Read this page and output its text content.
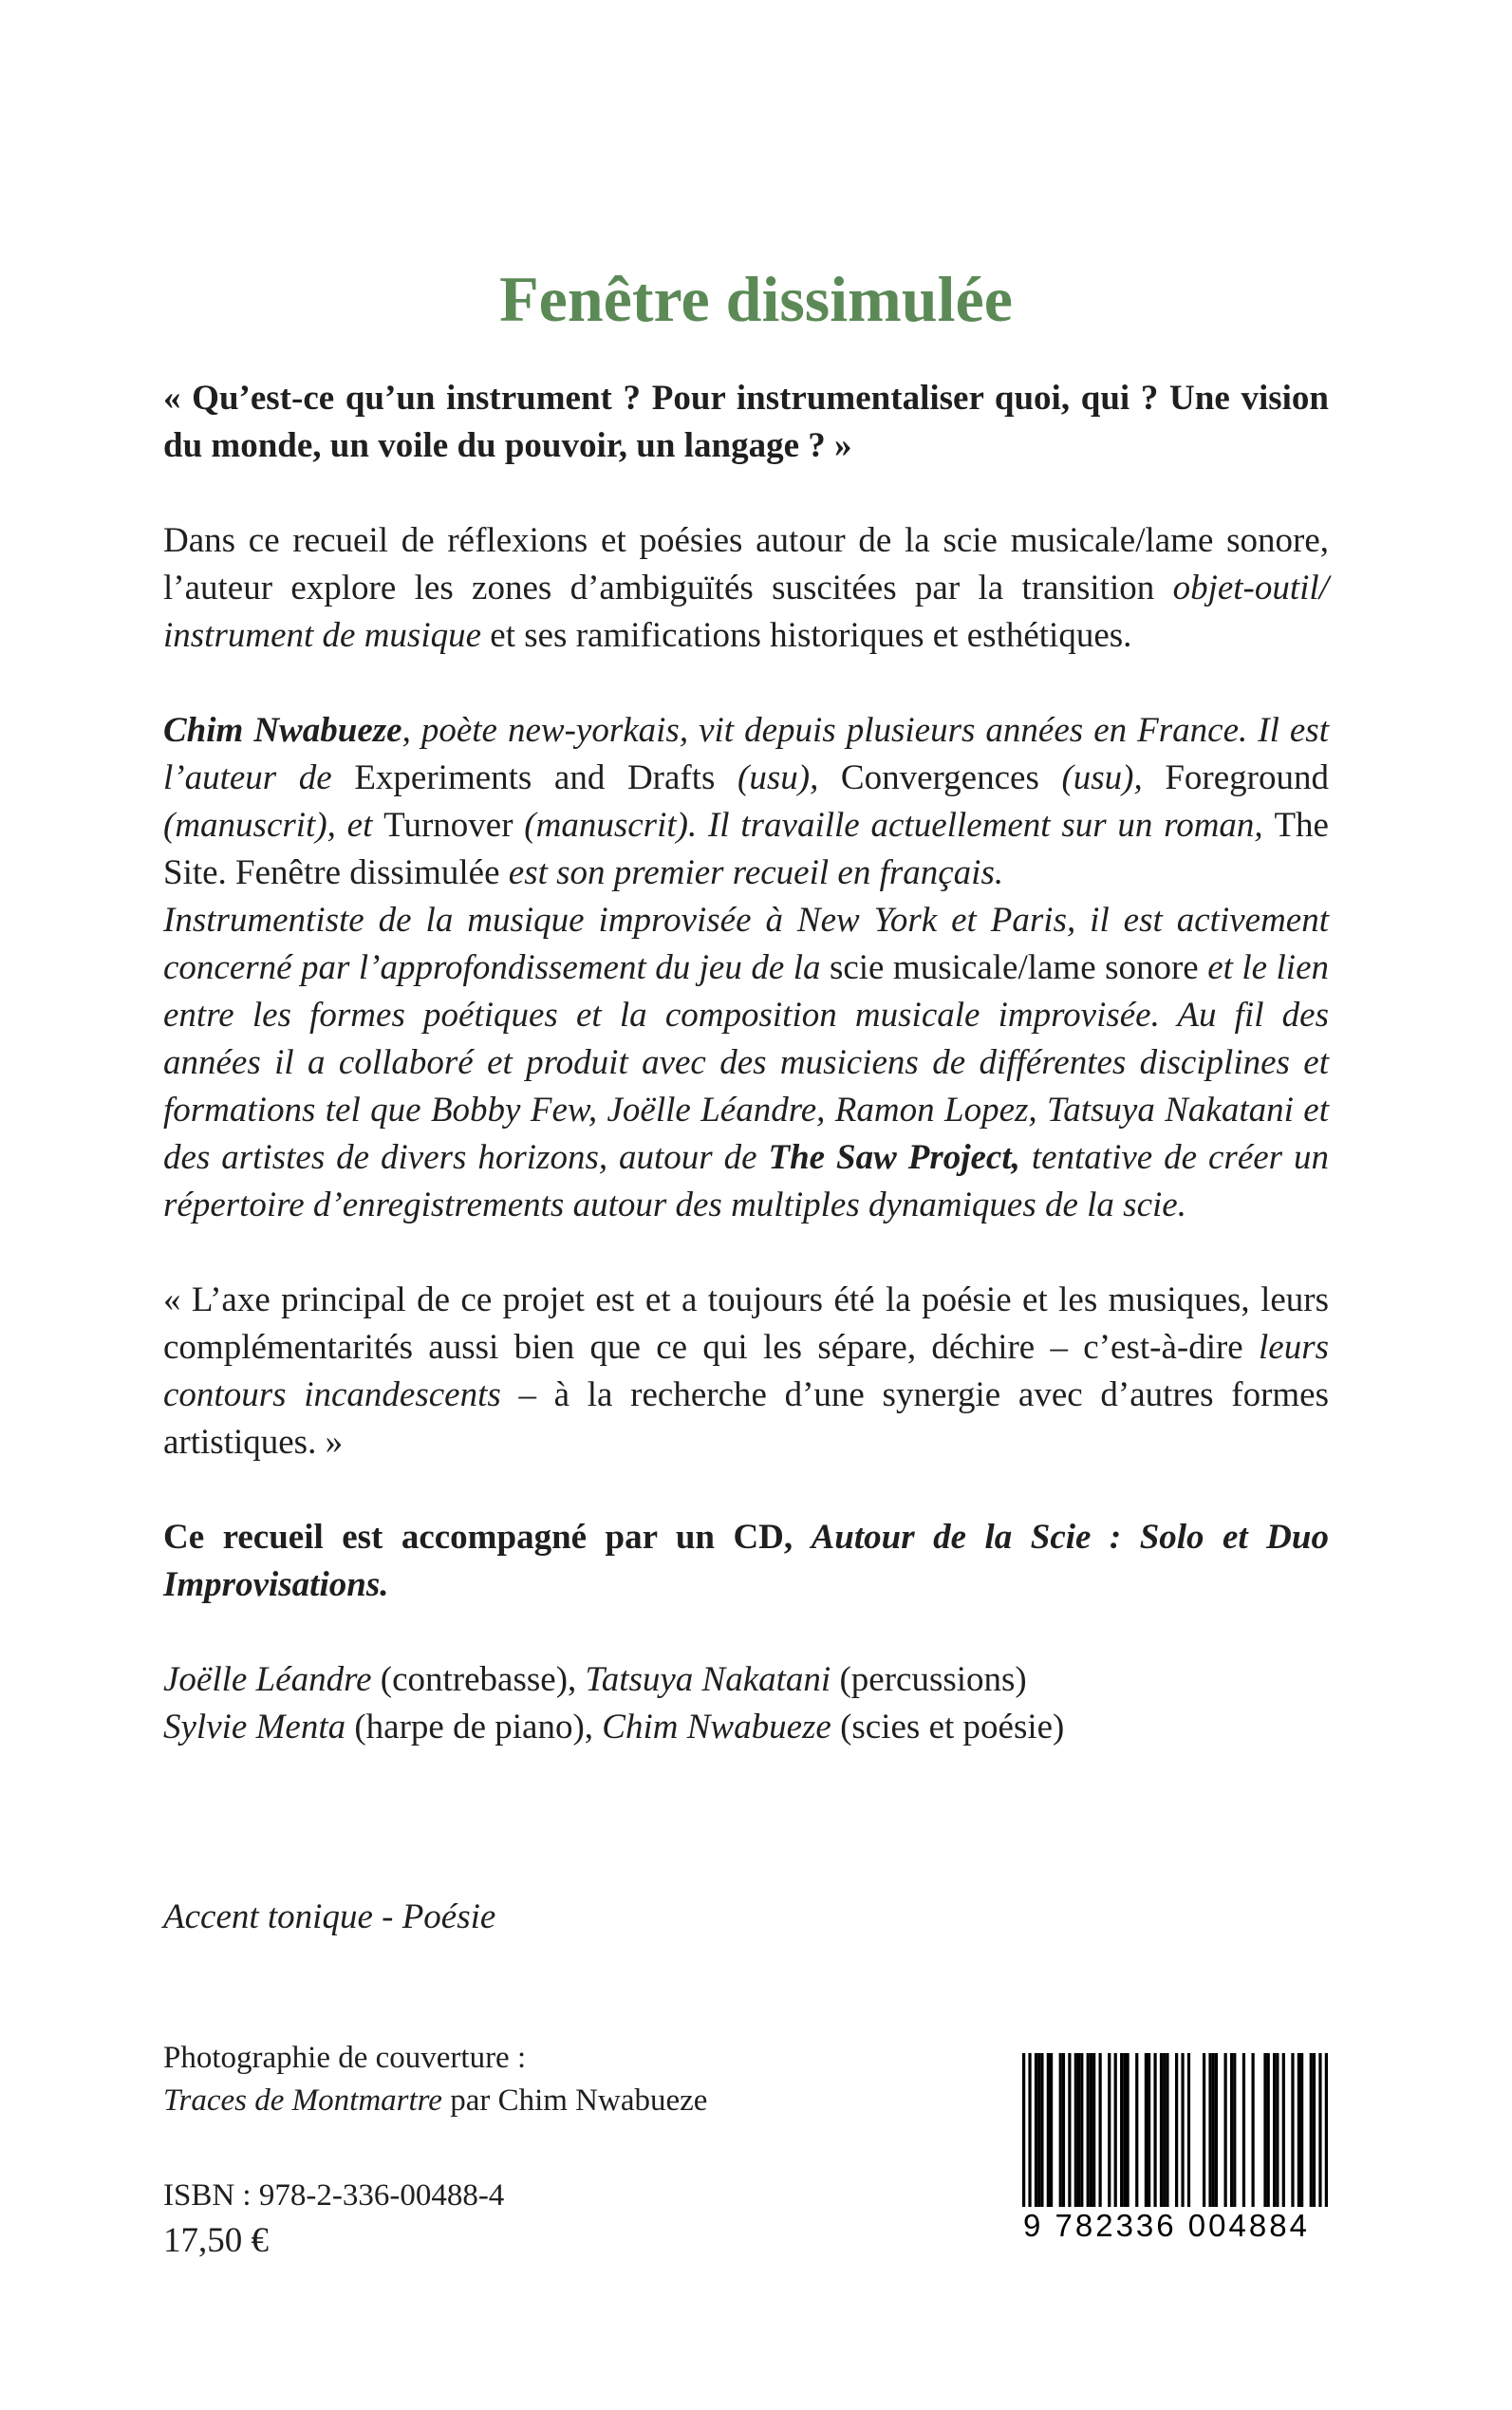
Fenêtre dissimulée

« Qu’est-ce qu’un instrument ? Pour instrumentaliser quoi, qui ? Une vision du monde, un voile du pouvoir, un langage ? »

Dans ce recueil de réflexions et poésies autour de la scie musicale/lame sonore, l’auteur explore les zones d’ambiguïtés suscitées par la transition objet-outil/ instrument de musique et ses ramifications historiques et esthétiques.

Chim Nwabueze, poète new-yorkais, vit depuis plusieurs années en France. Il est l’auteur de Experiments and Drafts (usu), Convergences (usu), Foreground (manuscrit), et Turnover (manuscrit). Il travaille actuellement sur un roman, The Site. Fenêtre dissimulée est son premier recueil en français.
Instrumentiste de la musique improvisée à New York et Paris, il est activement concerné par l’approfondissement du jeu de la scie musicale/lame sonore et le lien entre les formes poétiques et la composition musicale improvisée. Au fil des années il a collaboré et produit avec des musiciens de différentes disciplines et formations tel que Bobby Few, Joëlle Léandre, Ramon Lopez, Tatsuya Nakatani et des artistes de divers horizons, autour de The Saw Project, tentative de créer un répertoire d’enregistrements autour des multiples dynamiques de la scie.

« L’axe principal de ce projet est et a toujours été la poésie et les musiques, leurs complémentarités aussi bien que ce qui les sépare, déchire – c’est-à-dire leurs contours incandescents – à la recherche d’une synergie avec d’autres formes artistiques. »

Ce recueil est accompagné par un CD, Autour de la Scie : Solo et Duo Improvisations.

Joëlle Léandre (contrebasse), Tatsuya Nakatani (percussions)
Sylvie Menta (harpe de piano), Chim Nwabueze (scies et poésie)
Accent tonique - Poésie
Photographie de couverture :
Traces de Montmartre par Chim Nwabueze
ISBN : 978-2-336-00488-4
17,50 €	9 782336 004884
